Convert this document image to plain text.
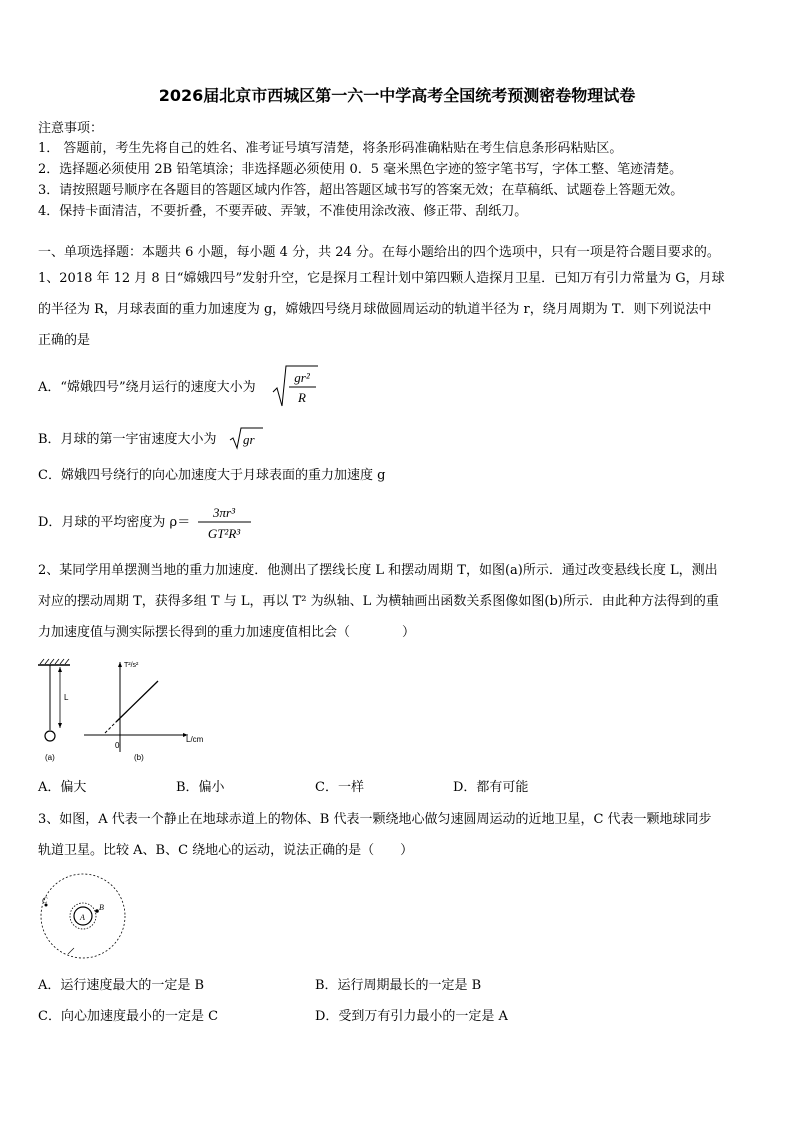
2026届北京市西城区第一六一中学高考全国统考预测密卷物理试卷
注意事项：
1． 答题前，考生先将自己的姓名、准考证号填写清楚，将条形码准确粘贴在考生信息条形码粘贴区。
2．选择题必须使用 2B 铅笔填涂；非选择题必须使用 0．5 毫米黑色字迹的签字笔书写，字体工整、笔迹清楚。
3．请按照题号顺序在各题目的答题区域内作答，超出答题区域书写的答案无效；在草稿纸、试题卷上答题无效。
4．保持卡面清洁，不要折叠，不要弄破、弄皱，不准使用涂改液、修正带、刮纸刀。
一、单项选择题：本题共 6 小题，每小题 4 分，共 24 分。在每小题给出的四个选项中，只有一项是符合题目要求的。
1、2018 年 12 月 8 日“嫦娥四号”发射升空，它是探月工程计划中第四颗人造探月卫星．已知万有引力常量为 G，月球
的半径为 R，月球表面的重力加速度为 g，嫦娥四号绕月球做圆周运动的轨道半径为 r，绕月周期为 T．则下列说法中
正确的是
A．“嫦娥四号”绕月运行的速度大小为
gr²
R
B．月球的第一宇宙速度大小为 gr
C．嫦娥四号绕行的向心加速度大于月球表面的重力加速度 g
D．月球的平均密度为 ρ＝
3πr³
GT²R³
2、某同学用单摆测当地的重力加速度．他测出了摆线长度 L 和摆动周期 T，如图(a)所示．通过改变悬线长度 L，测出
对应的摆动周期 T，获得多组 T 与 L，再以 T² 为纵轴、L 为横轴画出函数关系图像如图(b)所示．由此种方法得到的重
力加速度值与测实际摆长得到的重力加速度值相比会（　　　　）
L
(a)
T²/s²
L/cm
0
(b)
A．偏大	B．偏小	C．一样	D．都有可能
3、如图，A 代表一个静止在地球赤道上的物体、B 代表一颗绕地心做匀速圆周运动的近地卫星，C 代表一颗地球同步
轨道卫星。比较 A、B、C 绕地心的运动，说法正确的是（　　）
A
B
C
A．运行速度最大的一定是 B	B．运行周期最长的一定是 B
C．向心加速度最小的一定是 C	D．受到万有引力最小的一定是 A
